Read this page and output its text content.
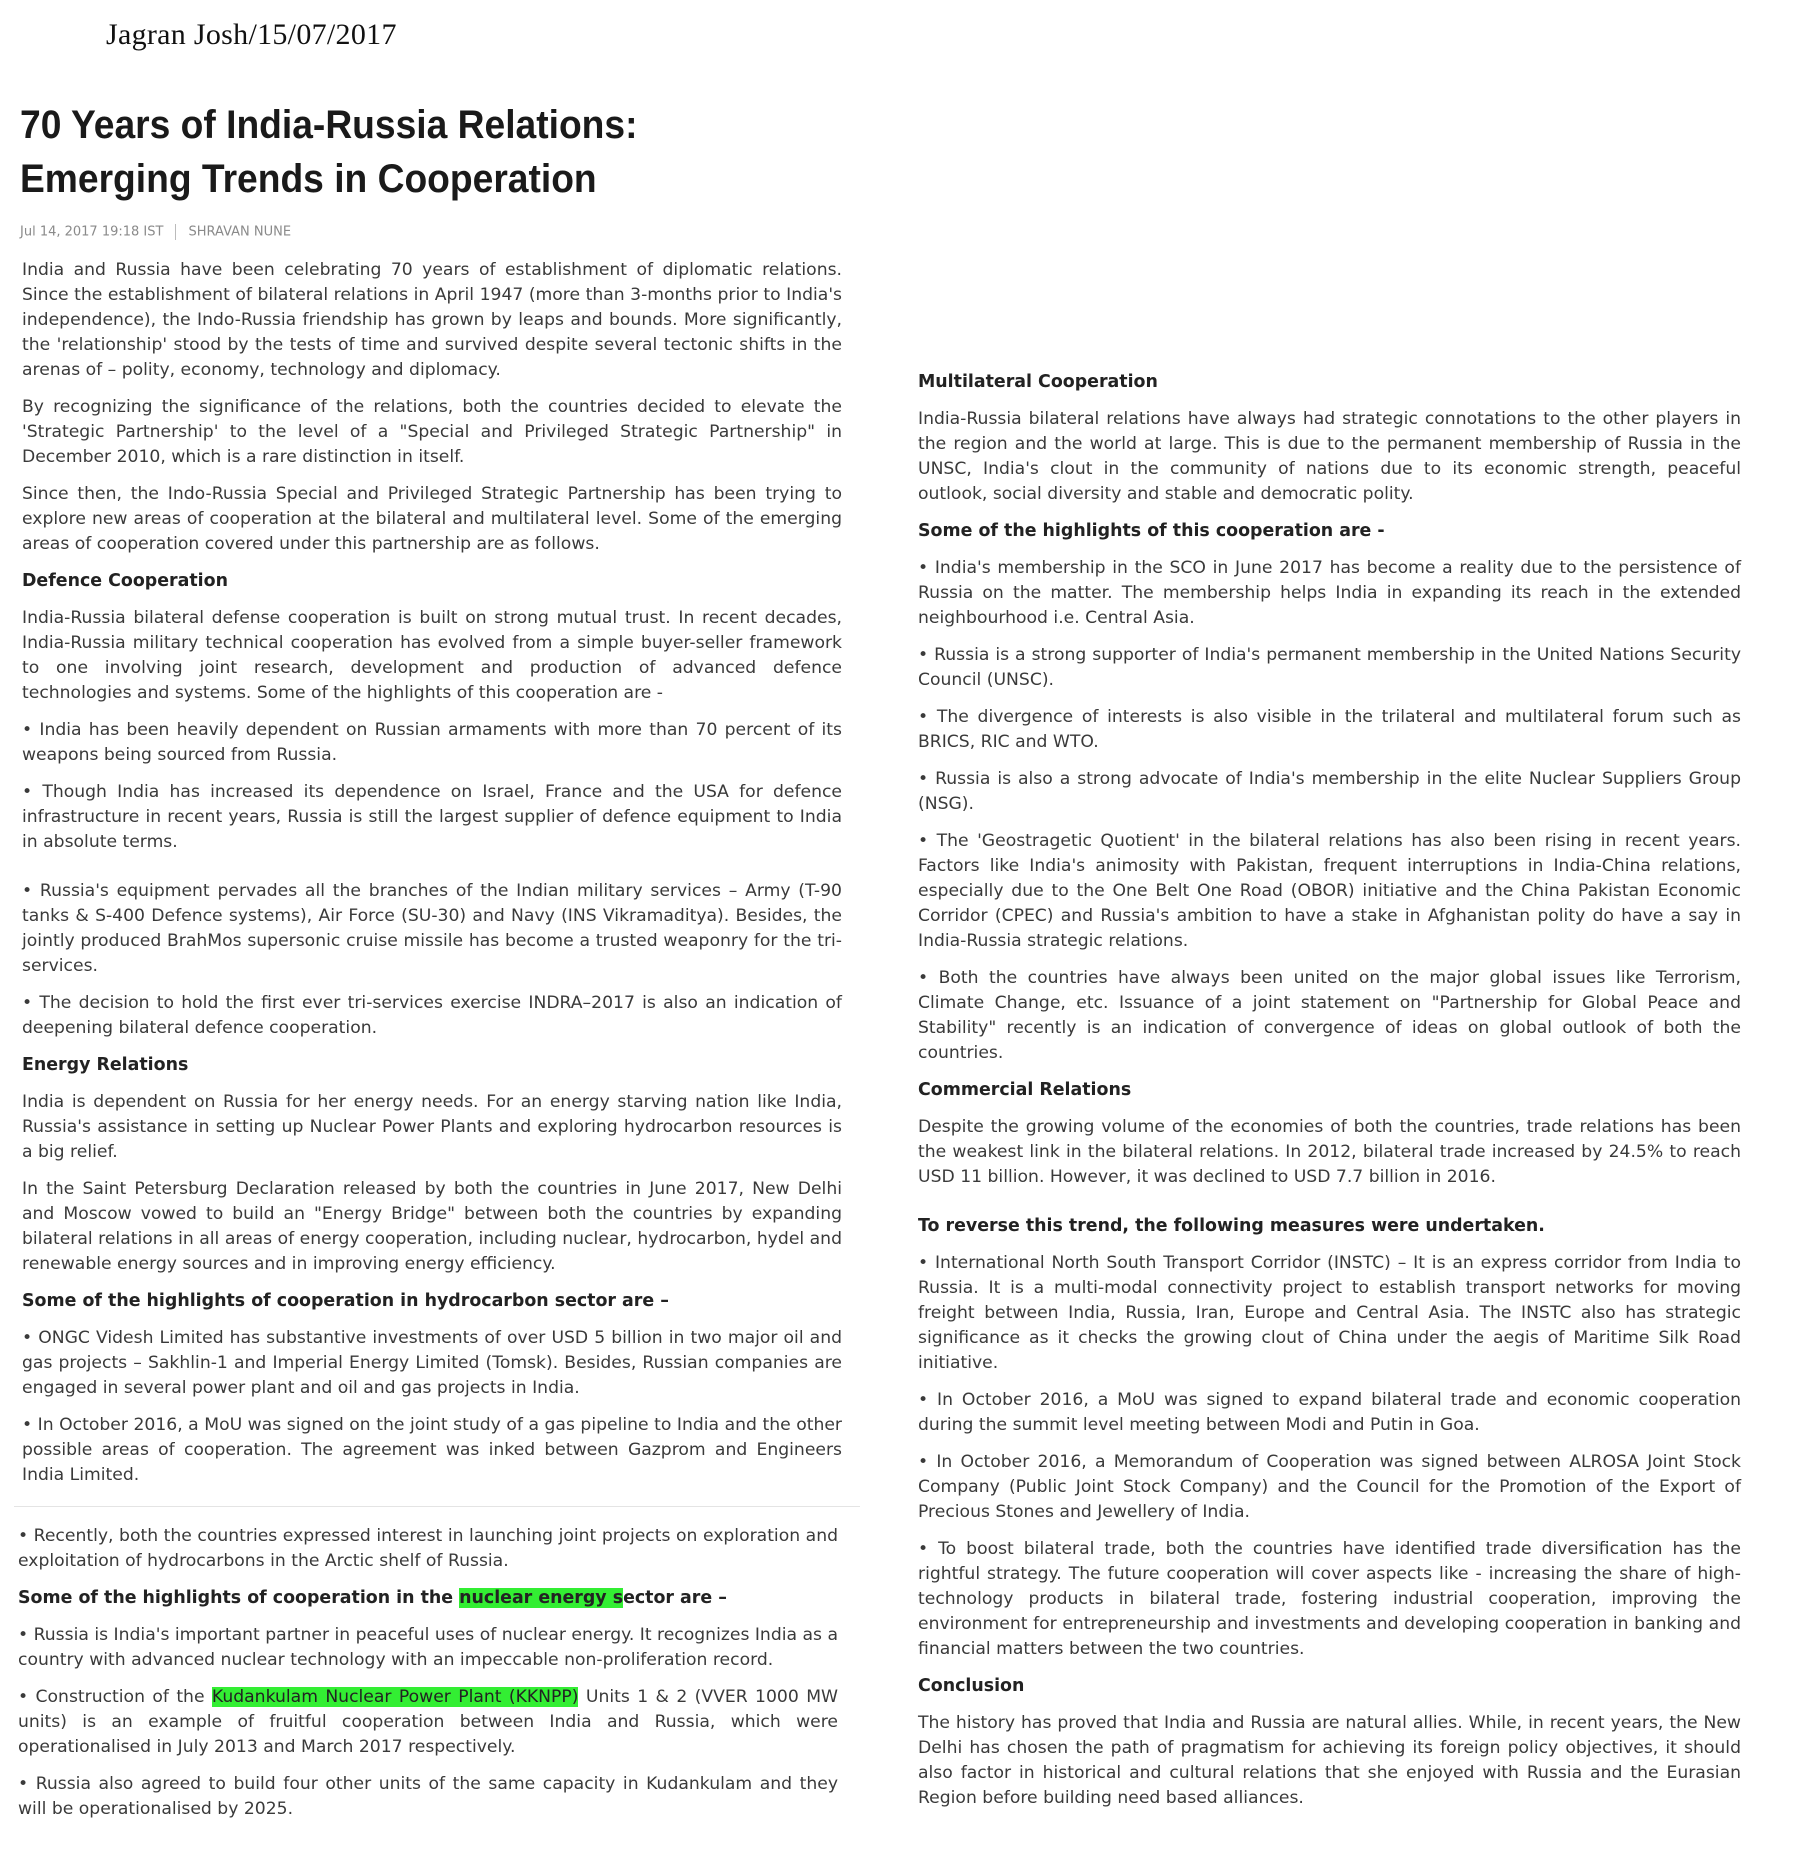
Jagran Josh/15/07/2017
70 Years of India-Russia Relations: Emerging Trends in Cooperation
Jul 14, 2017 19:18 IST SHRAVAN NUNE

India and Russia have been celebrating 70 years of establishment of diplomatic relations. Since the establishment of bilateral relations in April 1947 (more than 3-months prior to India's independence), the Indo-Russia friendship has grown by leaps and bounds. More significantly, the 'relationship' stood by the tests of time and survived despite several tectonic shifts in the arenas of – polity, economy, technology and diplomacy.

By recognizing the significance of the relations, both the countries decided to elevate the 'Strategic Partnership' to the level of a "Special and Privileged Strategic Partnership" in December 2010, which is a rare distinction in itself.

Since then, the Indo-Russia Special and Privileged Strategic Partnership has been trying to explore new areas of cooperation at the bilateral and multilateral level. Some of the emerging areas of cooperation covered under this partnership are as follows.

Defence Cooperation

India-Russia bilateral defense cooperation is built on strong mutual trust. In recent decades, India-Russia military technical cooperation has evolved from a simple buyer-seller framework to one involving joint research, development and production of advanced defence technologies and systems. Some of the highlights of this cooperation are -

• India has been heavily dependent on Russian armaments with more than 70 percent of its weapons being sourced from Russia.

• Though India has increased its dependence on Israel, France and the USA for defence infrastructure in recent years, Russia is still the largest supplier of defence equipment to India in absolute terms.

• Russia's equipment pervades all the branches of the Indian military services – Army (T-90 tanks & S-400 Defence systems), Air Force (SU-30) and Navy (INS Vikramaditya). Besides, the jointly produced BrahMos supersonic cruise missile has become a trusted weaponry for the tri-services.

• The decision to hold the first ever tri-services exercise INDRA–2017 is also an indication of deepening bilateral defence cooperation.

Energy Relations

India is dependent on Russia for her energy needs. For an energy starving nation like India, Russia's assistance in setting up Nuclear Power Plants and exploring hydrocarbon resources is a big relief.

In the Saint Petersburg Declaration released by both the countries in June 2017, New Delhi and Moscow vowed to build an "Energy Bridge" between both the countries by expanding bilateral relations in all areas of energy cooperation, including nuclear, hydrocarbon, hydel and renewable energy sources and in improving energy efficiency.

Some of the highlights of cooperation in hydrocarbon sector are –

• ONGC Videsh Limited has substantive investments of over USD 5 billion in two major oil and gas projects – Sakhlin-1 and Imperial Energy Limited (Tomsk). Besides, Russian companies are engaged in several power plant and oil and gas projects in India.

• In October 2016, a MoU was signed on the joint study of a gas pipeline to India and the other possible areas of cooperation. The agreement was inked between Gazprom and Engineers India Limited.

• Recently, both the countries expressed interest in launching joint projects on exploration and exploitation of hydrocarbons in the Arctic shelf of Russia.

Some of the highlights of cooperation in the nuclear energy sector are –

• Russia is India's important partner in peaceful uses of nuclear energy. It recognizes India as a country with advanced nuclear technology with an impeccable non-proliferation record.

• Construction of the Kudankulam Nuclear Power Plant (KKNPP) Units 1 & 2 (VVER 1000 MW units) is an example of fruitful cooperation between India and Russia, which were operationalised in July 2013 and March 2017 respectively.

• Russia also agreed to build four other units of the same capacity in Kudankulam and they will be operationalised by 2025.

Multilateral Cooperation

India-Russia bilateral relations have always had strategic connotations to the other players in the region and the world at large. This is due to the permanent membership of Russia in the UNSC, India's clout in the community of nations due to its economic strength, peaceful outlook, social diversity and stable and democratic polity.

Some of the highlights of this cooperation are -

• India's membership in the SCO in June 2017 has become a reality due to the persistence of Russia on the matter. The membership helps India in expanding its reach in the extended neighbourhood i.e. Central Asia.

• Russia is a strong supporter of India's permanent membership in the United Nations Security Council (UNSC).

• The divergence of interests is also visible in the trilateral and multilateral forum such as BRICS, RIC and WTO.

• Russia is also a strong advocate of India's membership in the elite Nuclear Suppliers Group (NSG).

• The 'Geostragetic Quotient' in the bilateral relations has also been rising in recent years. Factors like India's animosity with Pakistan, frequent interruptions in India-China relations, especially due to the One Belt One Road (OBOR) initiative and the China Pakistan Economic Corridor (CPEC) and Russia's ambition to have a stake in Afghanistan polity do have a say in India-Russia strategic relations.

• Both the countries have always been united on the major global issues like Terrorism, Climate Change, etc. Issuance of a joint statement on "Partnership for Global Peace and Stability" recently is an indication of convergence of ideas on global outlook of both the countries.

Commercial Relations

Despite the growing volume of the economies of both the countries, trade relations has been the weakest link in the bilateral relations. In 2012, bilateral trade increased by 24.5% to reach USD 11 billion. However, it was declined to USD 7.7 billion in 2016.

To reverse this trend, the following measures were undertaken.

• International North South Transport Corridor (INSTC) – It is an express corridor from India to Russia. It is a multi-modal connectivity project to establish transport networks for moving freight between India, Russia, Iran, Europe and Central Asia. The INSTC also has strategic significance as it checks the growing clout of China under the aegis of Maritime Silk Road initiative.

• In October 2016, a MoU was signed to expand bilateral trade and economic cooperation during the summit level meeting between Modi and Putin in Goa.

• In October 2016, a Memorandum of Cooperation was signed between ALROSA Joint Stock Company (Public Joint Stock Company) and the Council for the Promotion of the Export of Precious Stones and Jewellery of India.

• To boost bilateral trade, both the countries have identified trade diversification has the rightful strategy. The future cooperation will cover aspects like - increasing the share of high-technology products in bilateral trade, fostering industrial cooperation, improving the environment for entrepreneurship and investments and developing cooperation in banking and financial matters between the two countries.

Conclusion

The history has proved that India and Russia are natural allies. While, in recent years, the New Delhi has chosen the path of pragmatism for achieving its foreign policy objectives, it should also factor in historical and cultural relations that she enjoyed with Russia and the Eurasian Region before building need based alliances.
